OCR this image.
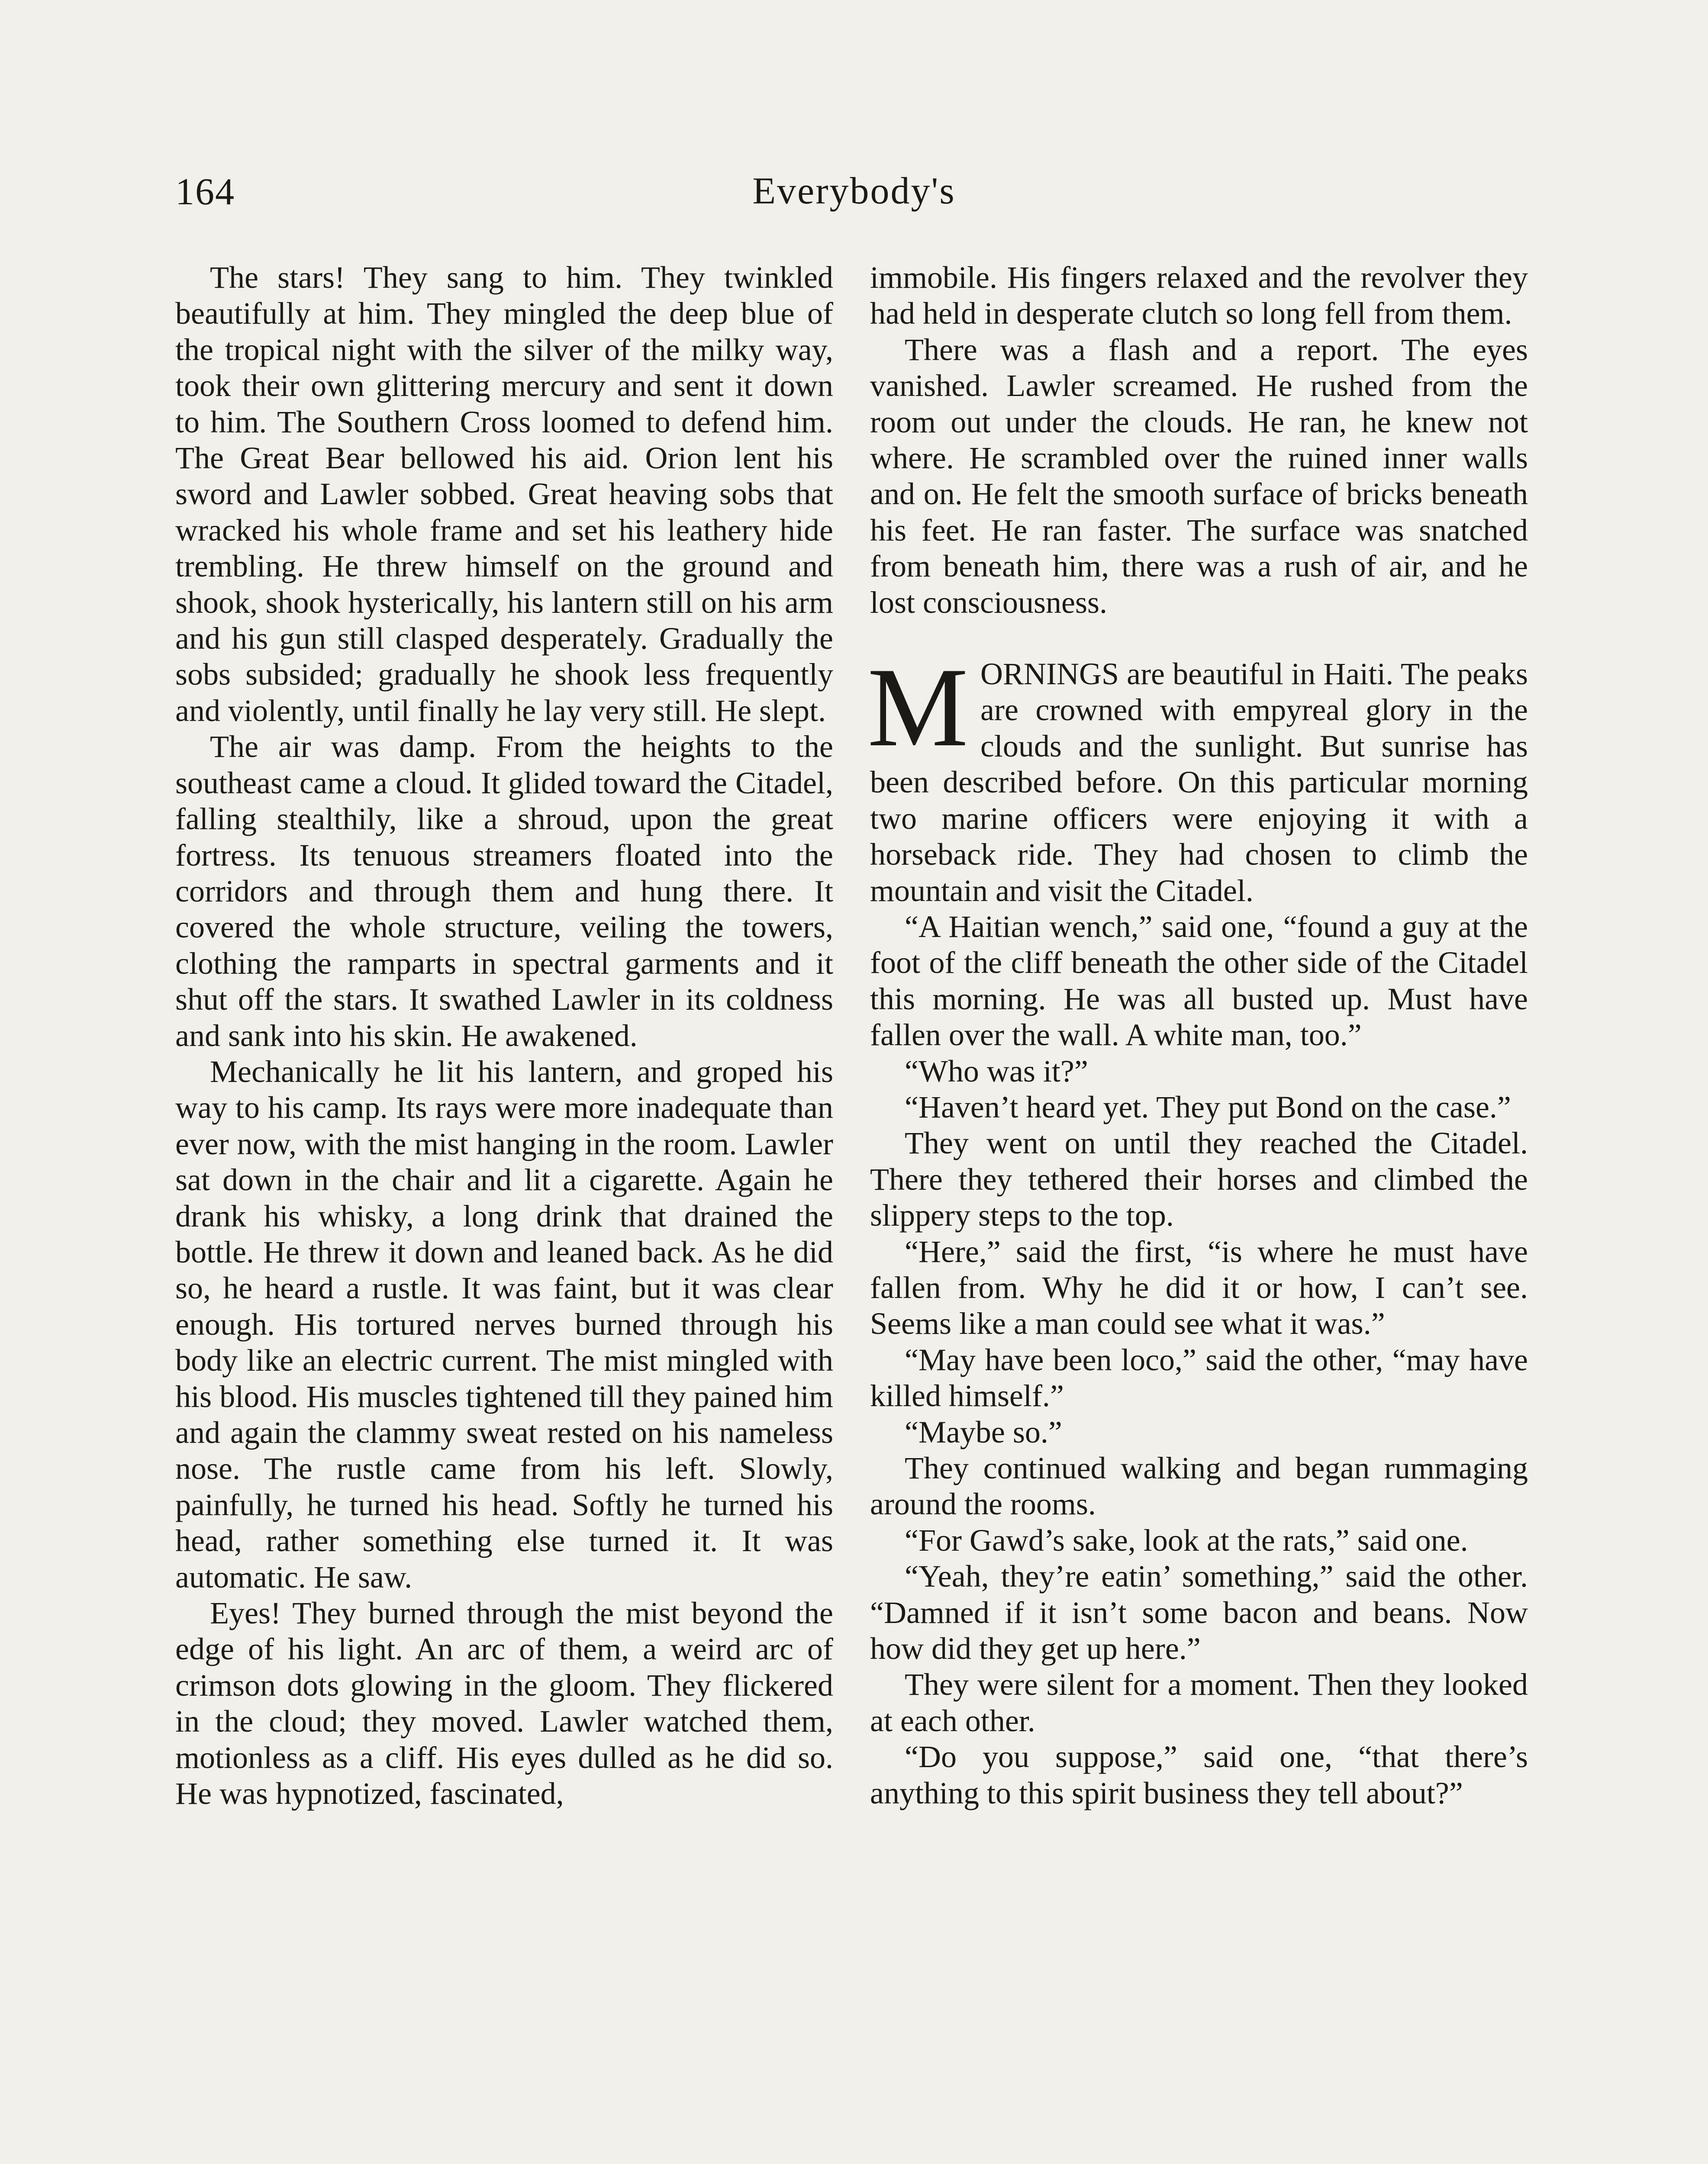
164	Everybody's

The stars! They sang to him. They twinkled beautifully at him. They mingled the deep blue of the tropical night with the silver of the milky way, took their own glittering mercury and sent it down to him. The Southern Cross loomed to defend him. The Great Bear bellowed his aid. Orion lent his sword and Lawler sobbed. Great heaving sobs that wracked his whole frame and set his leathery hide trembling. He threw himself on the ground and shook, shook hysterically, his lantern still on his arm and his gun still clasped desperately. Gradually the sobs subsided; gradually he shook less frequently and violently, until finally he lay very still. He slept.

The air was damp. From the heights to the southeast came a cloud. It glided toward the Citadel, falling stealthily, like a shroud, upon the great fortress. Its tenuous streamers floated into the corridors and through them and hung there. It covered the whole structure, veiling the towers, clothing the ramparts in spectral garments and it shut off the stars. It swathed Lawler in its coldness and sank into his skin. He awakened.

Mechanically he lit his lantern, and groped his way to his camp. Its rays were more inadequate than ever now, with the mist hanging in the room. Lawler sat down in the chair and lit a cigarette. Again he drank his whisky, a long drink that drained the bottle. He threw it down and leaned back. As he did so, he heard a rustle. It was faint, but it was clear enough. His tortured nerves burned through his body like an electric current. The mist mingled with his blood. His muscles tightened till they pained him and again the clammy sweat rested on his nameless nose. The rustle came from his left. Slowly, painfully, he turned his head. Softly he turned his head, rather something else turned it. It was automatic. He saw.

Eyes! They burned through the mist beyond the edge of his light. An arc of them, a weird arc of crimson dots glowing in the gloom. They flickered in the cloud; they moved. Lawler watched them, motionless as a cliff. His eyes dulled as he did so. He was hypnotized, fascinated,

immobile. His fingers relaxed and the revolver they had held in desperate clutch so long fell from them.

There was a flash and a report. The eyes vanished. Lawler screamed. He rushed from the room out under the clouds. He ran, he knew not where. He scrambled over the ruined inner walls and on. He felt the smooth surface of bricks beneath his feet. He ran faster. The surface was snatched from beneath him, there was a rush of air, and he lost consciousness.

MORNINGS are beautiful in Haiti. The peaks are crowned with empyreal glory in the clouds and the sunlight. But sunrise has been described before. On this particular morning two marine officers were enjoying it with a horseback ride. They had chosen to climb the mountain and visit the Citadel.

“A Haitian wench,” said one, “found a guy at the foot of the cliff beneath the other side of the Citadel this morning. He was all busted up. Must have fallen over the wall. A white man, too.”

“Who was it?”

“Haven’t heard yet. They put Bond on the case.”

They went on until they reached the Citadel. There they tethered their horses and climbed the slippery steps to the top.

“Here,” said the first, “is where he must have fallen from. Why he did it or how, I can’t see. Seems like a man could see what it was.”

“May have been loco,” said the other, “may have killed himself.”

“Maybe so.”

They continued walking and began rummaging around the rooms.

“For Gawd’s sake, look at the rats,” said one.

“Yeah, they’re eatin’ something,” said the other. “Damned if it isn’t some bacon and beans. Now how did they get up here.”

They were silent for a moment. Then they looked at each other.

“Do you suppose,” said one, “that there’s anything to this spirit business they tell about?”
